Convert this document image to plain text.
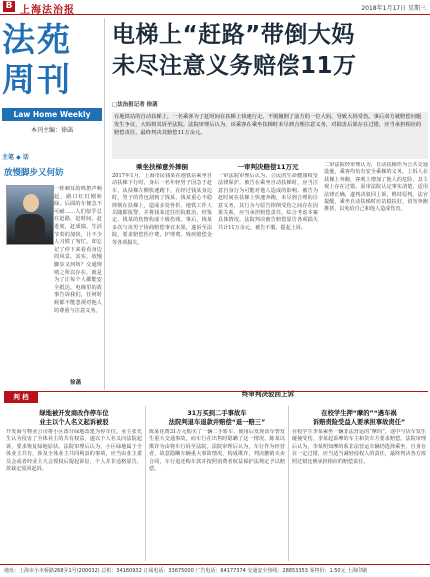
B 上海法治报	2018年1月17日 星期三
法苑周刊
Law Home Weekly
本刊主编：徐菡
主笔 ◆ 话
放慢脚步又何妨
一阵刺耳的鸣笛声响起，路口红灯刚转绿，后面的车便急不可耐……人们似乎总在赶路，赶时间，赶进度，赶成绩。生活节奏的加快，让不少人习惯了匆忙，却忘记了停下来看看身边的风景。其实，放慢脚步又何妨？交通规则之所以存在，就是为了让每个人都能安全抵达。电梯里的故事告诉我们，任何时候都不能忽视对他人的尊重与注意义务。
徐菡
电梯上“赶路”带倒大妈
未尽注意义务赔偿11万
□法治报记者 徐菡
在地铁站的自动扶梯上，一名乘客为了赶时间在扶梯上快速行走，不慎撞倒了前方的一位大妈，导致大妈受伤。事后双方就赔偿问题发生争议，大妈将其诉至法院。法院审理后认为，该乘客在乘坐扶梯时未尽到合理注意义务，对损害后果存在过错，应当承担相应的赔偿责任，最终判决其赔偿11万余元。
乘坐扶梯意外摔倒
2017年1月，上海市民钱某在地铁站乘坐自动扶梯下行时，身后一名年轻男子因急于赶车，从扶梯左侧快速跑下。在经过钱某身边时，男子的背包刮到了钱某，钱某重心不稳摔倒在扶梯上，造成多处骨折。地铁工作人员随即报警，并将钱某送往医院救治。经鉴定，钱某的伤情构成十级伤残。事后，钱某多次与该男子协商赔偿事宜未果，遂诉至法院，要求赔偿医疗费、护理费、残疾赔偿金等各项损失。
一审判决赔偿11万元
一审法院审理后认为，公民的生命健康权受法律保护。被告在乘坐自动扶梯时，应当注意自身行为可能对他人造成的影响。被告为赶时间在扶梯上快速奔跑，未尽到合理的注意义务，其行为与原告摔倒受伤之间存在因果关系，应当承担赔偿责任。综合考虑本案具体情况，法院判决被告赔偿原告各项损失共计11万余元。被告不服，提起上诉。
终审判决驳回上诉
二审法院经审理认为，自动扶梯作为公共交通设施，乘客均负有安全乘梯的义务。上诉人在扶梯上奔跑，客观上增加了他人的危险，其主观上存在过错。原审法院认定事实清楚，适用法律正确，遂判决驳回上诉，维持原判。法官提醒，乘坐自动扶梯时应站稳扶好，切勿奔跑推挤，以免给自己和他人造成伤害。
判 档
绿地被开发商改作停车位
业主以个人名义起诉被驳
开发商与物业公司将小区部分绿地改建为停车位，业主张先生认为侵害了全体业主的共有权益，遂以个人名义向法院起诉，要求恢复绿地原状。法院审理后认为，小区绿地属于全体业主共有，涉及全体业主共同利益的事项，应当由业主委员会或者经业主大会授权后提起诉讼，个人并非适格原告，故裁定驳回起诉。
31万买到二手事故车
法院判退车退款并赔偿“退一赔三”
陈某花费31万元购买了一辆二手轿车，使用后发现该车曾发生重大交通事故，而车行在出售时隐瞒了这一情况。陈某以欺诈为由将车行诉至法院。法院审理后认为，车行作为经营者，故意隐瞒车辆重大事故情况，构成欺诈，判决撤销买卖合同，车行退还购车款并按照消费者权益保护法规定予以赔偿。
在校学生押“摩的”“遇车祸
诉赔责险受益人要承担事故责任”
在校学生李某乘坐一辆非法营运的“摩的”，途中与货车发生碰撞受伤。李某起诉摩的车主和货车方要求赔偿。法院审理后认为，李某明知摩的系非法营运车辆仍选择乘坐，自身存在一定过错，应当适当减轻侵权人的责任，最终判决各方按照过错比例承担相应的赔偿责任。
地址：上海市小木桥路268弄1号(200032) 总机：34160932 订阅电话：33675000 广告电话：64177374 交通安全热线：28853353 零售价：1.50元 上海印刷
